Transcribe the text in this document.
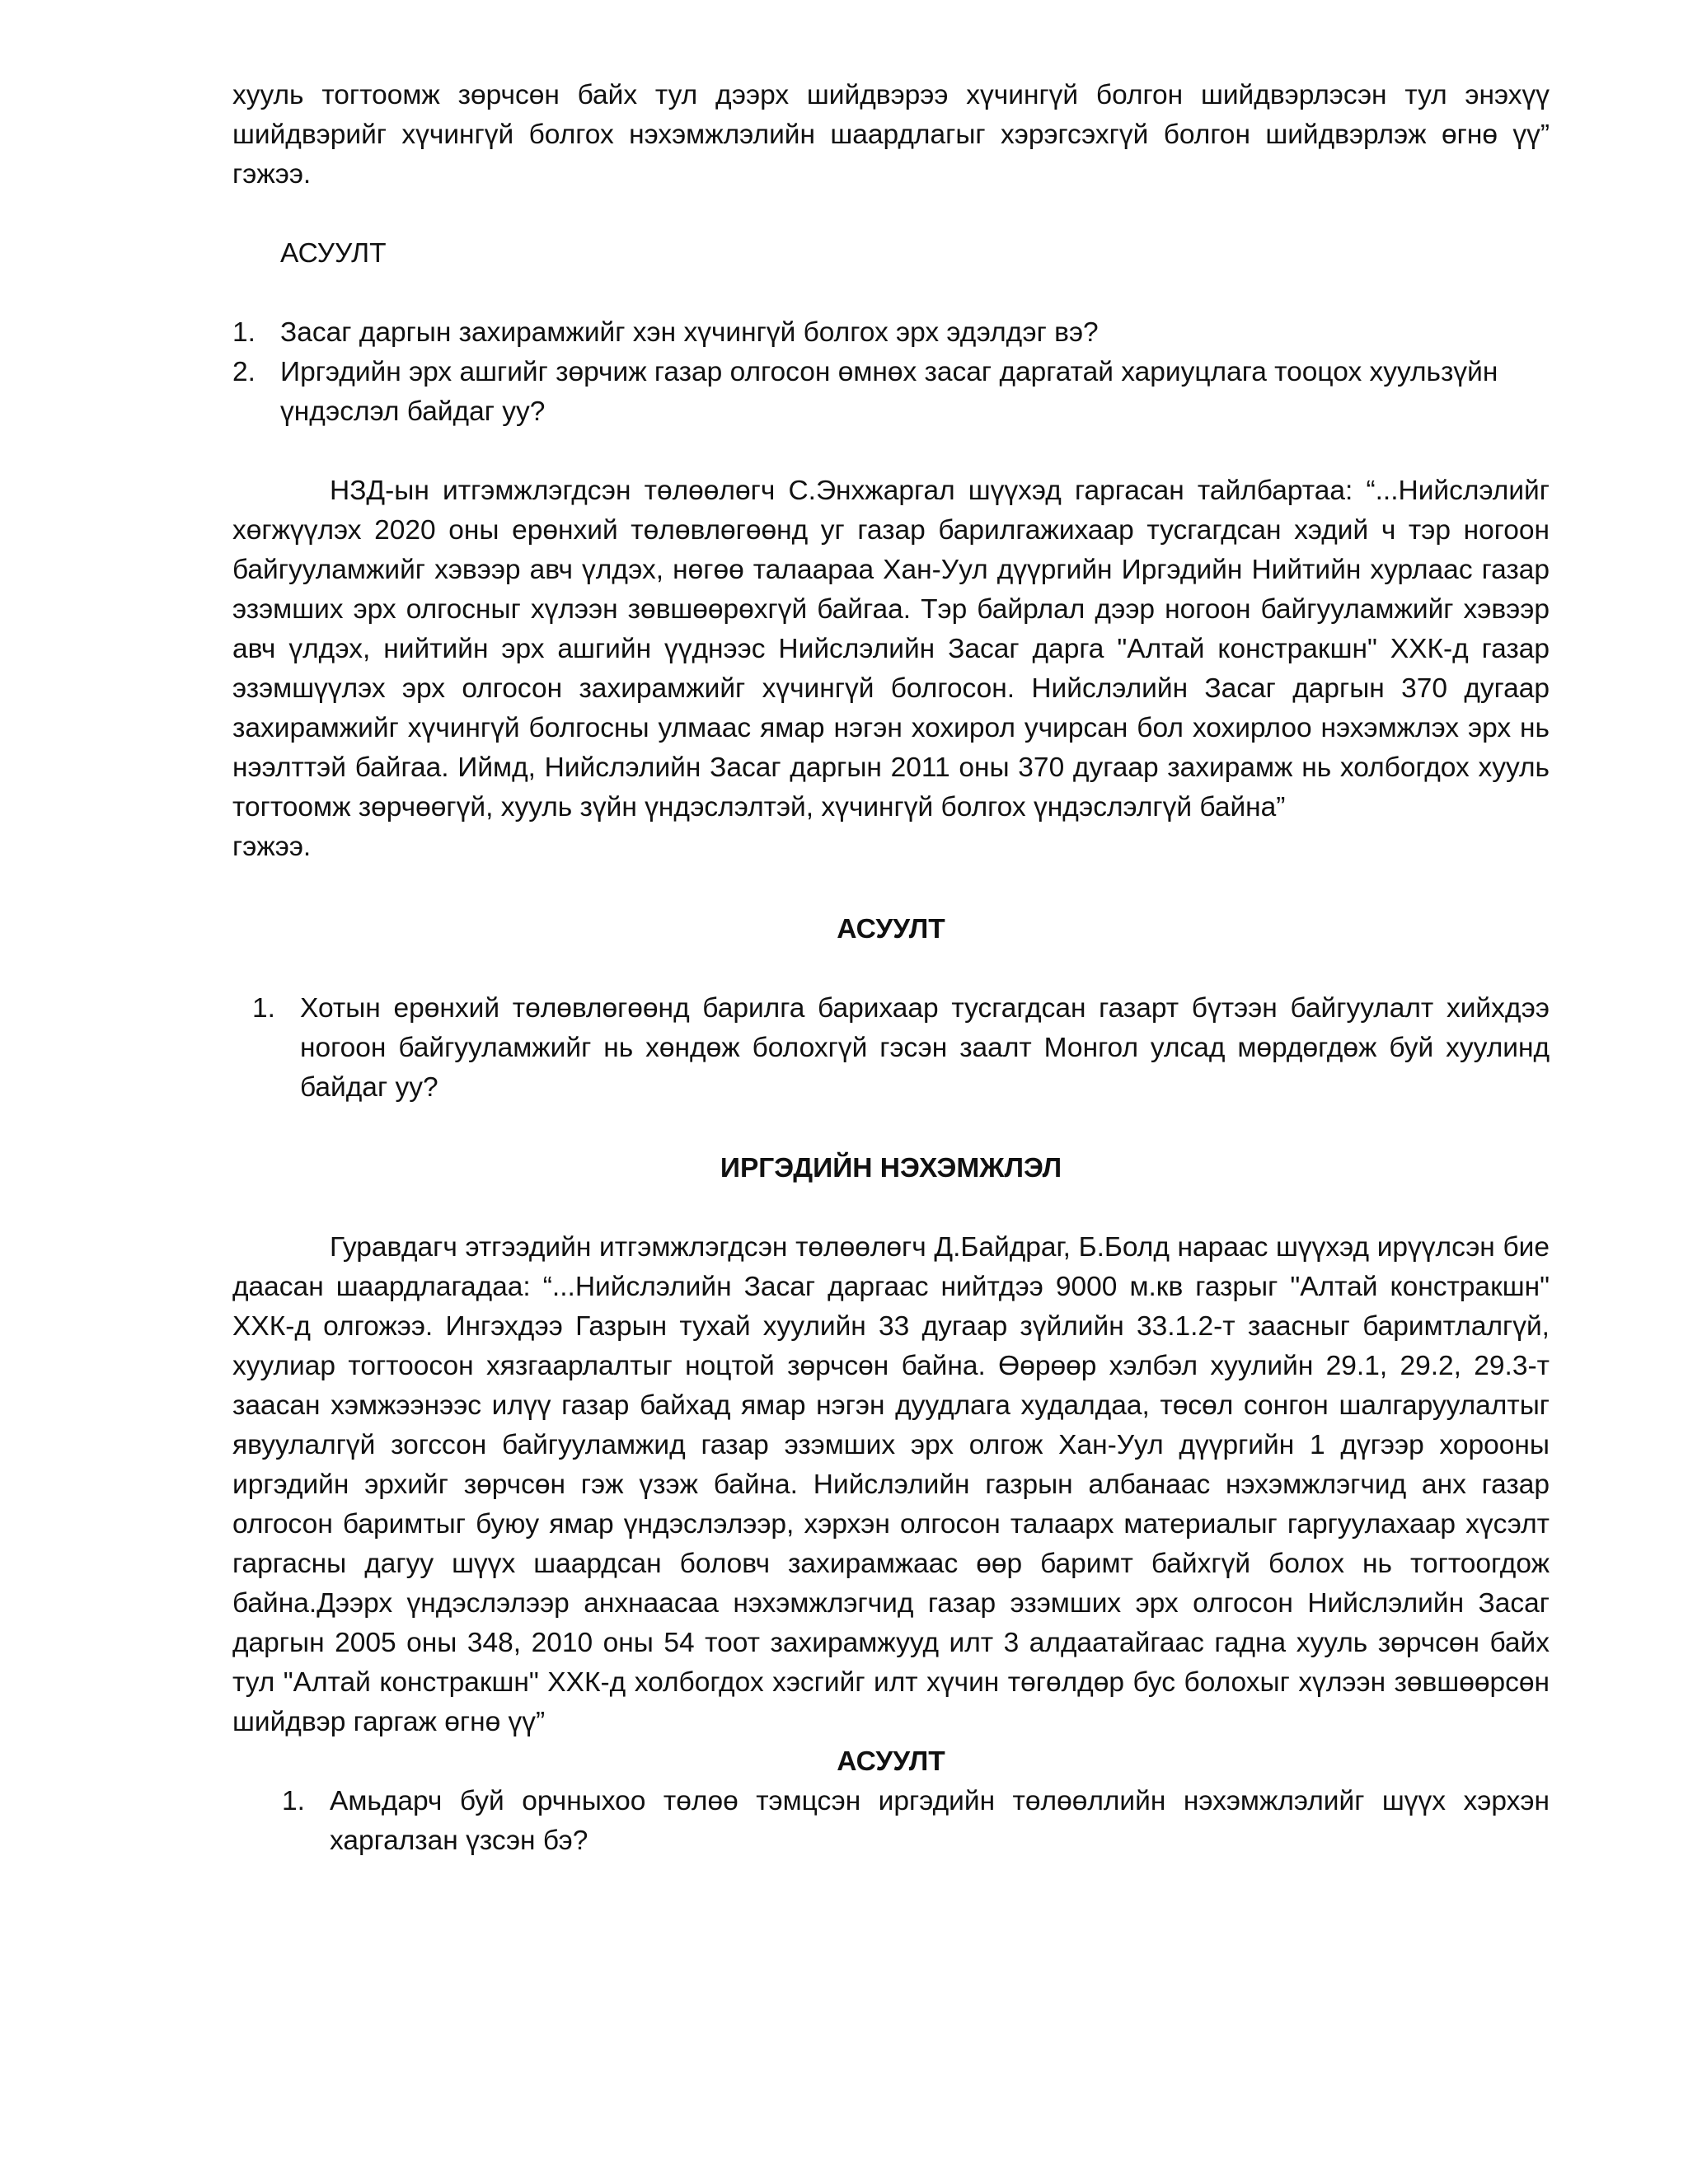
хууль тогтоомж зөрчсөн байх тул дээрх шийдвэрээ хүчингүй болгон шийдвэрлэсэн тул энэхүү шийдвэрийг хүчингүй болгох нэхэмжлэлийн шаардлагыг хэрэгсэхгүй болгон шийдвэрлэж өгнө үү” гэжээ.

АСУУЛТ

1. Засаг даргын захирамжийг хэн хүчингүй болгох эрх эдэлдэг вэ?
2. Иргэдийн эрх ашгийг зөрчиж газар олгосон өмнөх засаг даргатай хариуцлага тооцох хуульзүйн үндэслэл байдаг уу?

НЗД-ын итгэмжлэгдсэн төлөөлөгч С.Энхжаргал шүүхэд гаргасан тайлбартаа: “...Нийслэлийг хөгжүүлэх 2020 оны ерөнхий төлөвлөгөөнд уг газар барилгажихаар тусгагдсан хэдий ч тэр ногоон байгууламжийг хэвээр авч үлдэх, нөгөө талаараа Хан-Уул дүүргийн Иргэдийн Нийтийн хурлаас газар эзэмших эрх олгосныг хүлээн зөвшөөрөхгүй байгаа. Тэр байрлал дээр ногоон байгууламжийг хэвээр авч үлдэх, нийтийн эрх ашгийн үүднээс Нийслэлийн Засаг дарга "Алтай констракшн" ХХК-д газар эзэмшүүлэх эрх олгосон захирамжийг хүчингүй болгосон. Нийслэлийн Засаг даргын 370 дугаар захирамжийг хүчингүй болгосны улмаас ямар нэгэн хохирол учирсан бол хохирлоо нэхэмжлэх эрх нь нээлттэй байгаа. Иймд, Нийслэлийн Засаг даргын 2011 оны 370 дугаар захирамж нь холбогдох хууль тогтоомж зөрчөөгүй, хууль зүйн үндэслэлтэй, хүчингүй болгох үндэслэлгүй байна”

гэжээ.

АСУУЛТ

1. Хотын ерөнхий төлөвлөгөөнд барилга барихаар тусгагдсан газарт бүтээн байгуулалт хийхдээ ногоон байгууламжийг нь хөндөж болохгүй гэсэн заалт Монгол улсад мөрдөгдөж буй хуулинд байдаг уу?

ИРГЭДИЙН НЭХЭМЖЛЭЛ

Гуравдагч этгээдийн итгэмжлэгдсэн төлөөлөгч Д.Байдраг, Б.Болд нараас шүүхэд ирүүлсэн бие даасан шаардлагадаа: “...Нийслэлийн Засаг даргаас нийтдээ 9000 м.кв газрыг "Алтай констракшн" ХХК-д олгожээ. Ингэхдээ Газрын тухай хуулийн 33 дугаар зүйлийн 33.1.2-т заасныг баримтлалгүй, хуулиар тогтоосон хязгаарлалтыг ноцтой зөрчсөн байна. Өөрөөр хэлбэл хуулийн 29.1, 29.2, 29.3-т заасан хэмжээнээс илүү газар байхад ямар нэгэн дуудлага худалдаа, төсөл сонгон шалгаруулалтыг явуулалгүй зогссон байгууламжид газар эзэмших эрх олгож Хан-Уул дүүргийн 1 дүгээр хорооны иргэдийн эрхийг зөрчсөн гэж үзэж байна. Нийслэлийн газрын албанаас нэхэмжлэгчид анх газар олгосон баримтыг буюу ямар үндэслэлээр, хэрхэн олгосон талаарх материалыг гаргуулахаар хүсэлт гаргасны дагуу шүүх шаардсан боловч захирамжаас өөр баримт байхгүй болох нь тогтоогдож байна.Дээрх үндэслэлээр анхнаасаа нэхэмжлэгчид газар эзэмших эрх олгосон Нийслэлийн Засаг даргын 2005 оны 348, 2010 оны 54 тоот захирамжууд илт 3 алдаатайгаас гадна хууль зөрчсөн байх тул "Алтай констракшн" ХХК-д холбогдох хэсгийг илт хүчин төгөлдөр бус болохыг хүлээн зөвшөөрсөн шийдвэр гаргаж өгнө үү”

АСУУЛТ

1. Амьдарч буй орчныхоо төлөө тэмцсэн иргэдийн төлөөллийн нэхэмжлэлийг шүүх хэрхэн харгалзан үзсэн бэ?
